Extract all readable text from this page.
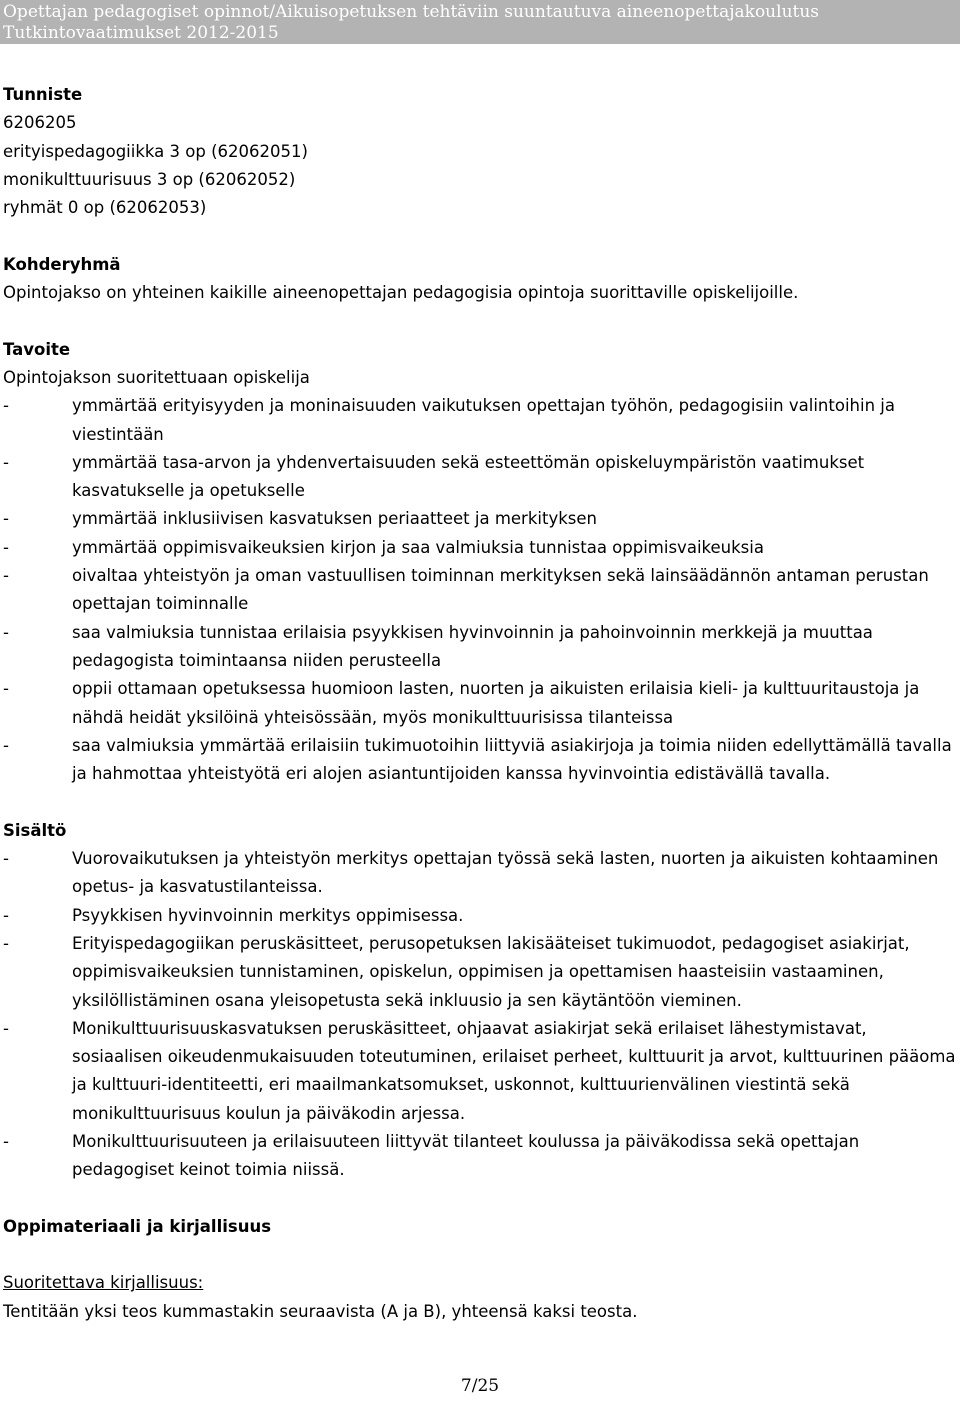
Opettajan pedagogiset opinnot/Aikuisopetuksen tehtäviin suuntautuva aineenopettajakoulutus
Tutkintovaatimukset 2012-2015
Tunniste
6206205
erityispedagogiikka 3 op (62062051)
monikulttuurisuus 3 op (62062052)
ryhmät 0 op (62062053)
Kohderyhmä
Opintojakso on yhteinen kaikille aineenopettajan pedagogisia opintoja suorittaville opiskelijoille.
Tavoite
Opintojakson suoritettuaan opiskelija
-	ymmärtää erityisyyden ja moninaisuuden vaikutuksen opettajan työhön, pedagogisiin valintoihin ja viestintään
-	ymmärtää tasa-arvon ja yhdenvertaisuuden sekä esteettömän opiskeluympäristön vaatimukset kasvatukselle ja opetukselle
-	ymmärtää inklusiivisen kasvatuksen periaatteet ja merkityksen
-	ymmärtää oppimisvaikeuksien kirjon ja saa valmiuksia tunnistaa oppimisvaikeuksia
-	oivaltaa yhteistyön ja oman vastuullisen toiminnan merkityksen sekä lainsäädännön antaman perustan opettajan toiminnalle
-	saa valmiuksia tunnistaa erilaisia psyykkisen hyvinvoinnin ja pahoinvoinnin merkkejä ja muuttaa pedagogista toimintaansa niiden perusteella
-	oppii ottamaan opetuksessa huomioon lasten, nuorten ja aikuisten erilaisia kieli- ja kulttuuritaustoja ja nähdä heidät yksilöinä yhteisössään, myös monikulttuurisissa tilanteissa
-	saa valmiuksia ymmärtää erilaisiin tukimuotoihin liittyviä asiakirjoja ja toimia niiden edellyttämällä tavalla ja hahmottaa yhteistyötä eri alojen asiantuntijoiden kanssa hyvinvointia edistävällä tavalla.
Sisältö
-	Vuorovaikutuksen ja yhteistyön merkitys opettajan työssä sekä lasten, nuorten ja aikuisten kohtaaminen opetus- ja kasvatustilanteissa.
-	Psyykkisen hyvinvoinnin merkitys oppimisessa.
-	Erityispedagogiikan peruskäsitteet, perusopetuksen lakisääteiset tukimuodot, pedagogiset asiakirjat, oppimisvaikeuksien tunnistaminen, opiskelun, oppimisen ja opettamisen haasteisiin vastaaminen, yksilöllistäminen osana yleisopetusta sekä inkluusio ja sen käytäntöön vieminen.
-	Monikulttuurisuuskasvatuksen peruskäsitteet, ohjaavat asiakirjat sekä erilaiset lähestymistavat, sosiaalisen oikeudenmukaisuuden toteutuminen, erilaiset perheet, kulttuurit ja arvot, kulttuurinen pääoma ja kulttuuri-identiteetti, eri maailmankatsomukset, uskonnot, kulttuurienvälinen viestintä sekä monikulttuurisuus koulun ja päiväkodin arjessa.
-	Monikulttuurisuuteen ja erilaisuuteen liittyvät tilanteet koulussa ja päiväkodissa sekä opettajan pedagogiset keinot toimia niissä.
Oppimateriaali ja kirjallisuus
Suoritettava kirjallisuus:
Tentitään yksi teos kummastakin seuraavista (A ja B), yhteensä kaksi teosta.
7/25
